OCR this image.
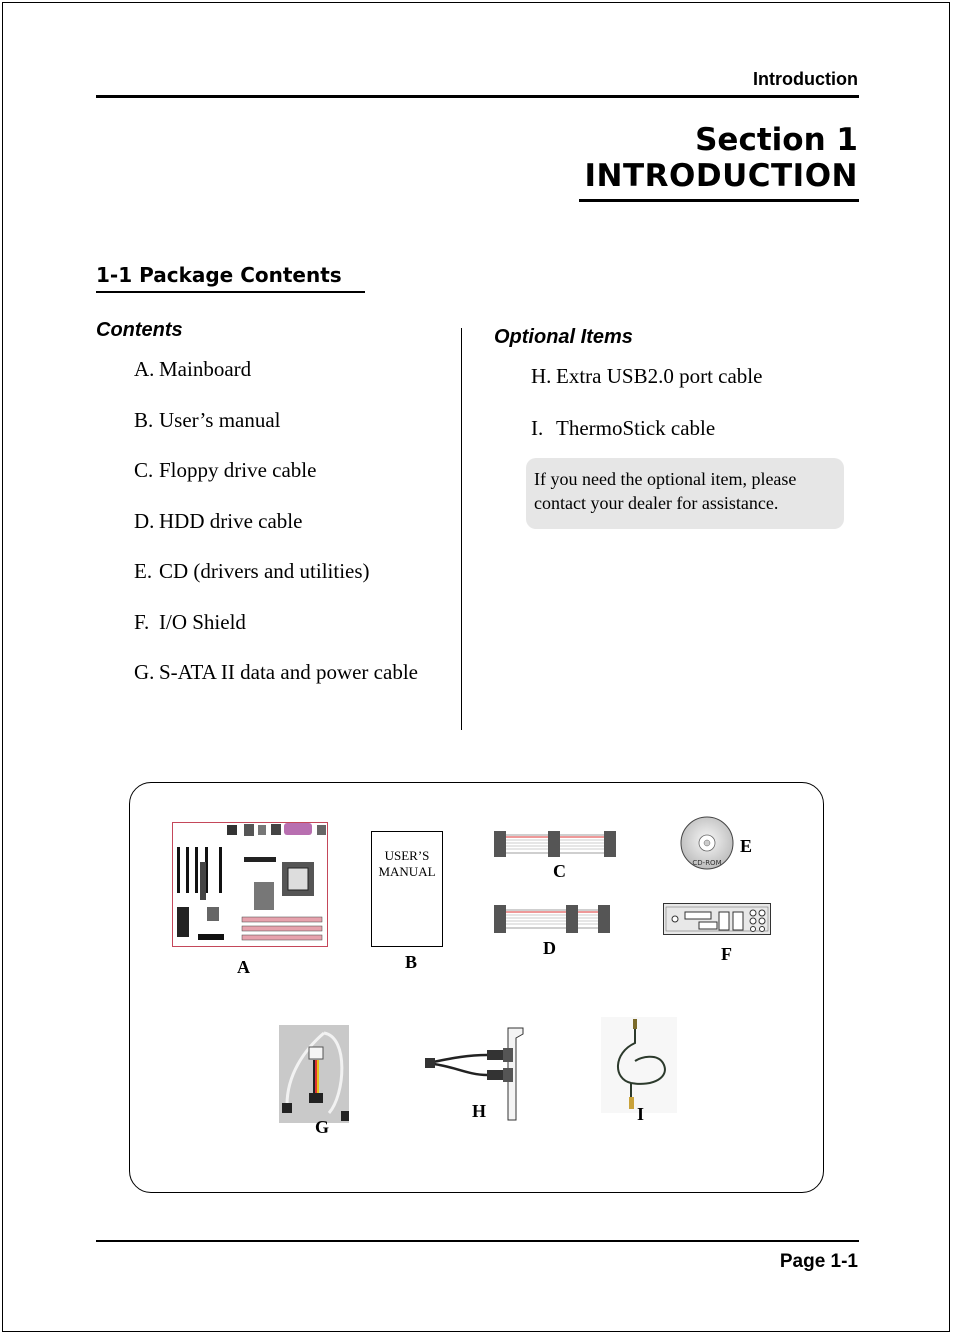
Introduction
Section 1
INTRODUCTION
1-1 Package Contents
Contents
A. Mainboard
B. User’s manual
C. Floppy drive cable
D. HDD drive cable
E. CD (drivers and utilities)
F. I/O Shield
G. S-ATA II data and power cable
Optional Items
H. Extra USB2.0 port cable
I. ThermoStick cable
If you need the optional item, please
contact your dealer for assistance.
A
USER’S
MANUAL
B
C
D
CD-ROM
E
F
G
H	I
Page 1-1
